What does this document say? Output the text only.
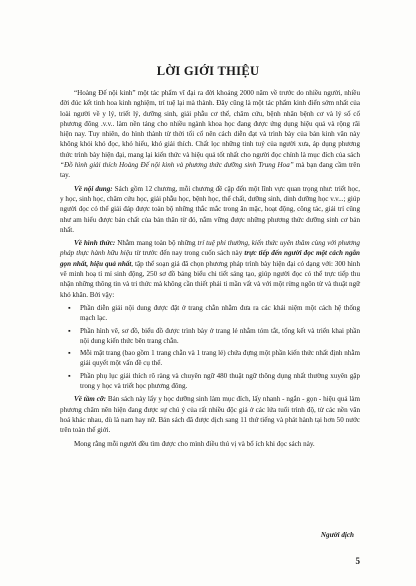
LỜI GIỚI THIỆU

“Hoàng Đế nội kinh” một tác phẩm vĩ đại ra đời khoảng 2000 năm về trước do nhiều người, nhiều đời đúc kết tinh hoa kinh nghiệm, trí tuệ lại mà thành. Đây cũng là một tác phẩm kinh điển sớm nhất của loài người về y lý, triết lý, dưỡng sinh, giải phẫu cơ thể, châm cứu, bệnh nhân bệnh cơ và lý số cổ phương đông .v.v.. làm nền tảng cho nhiều ngành khoa học đang được ứng dụng hiệu quả và rộng rãi hiện nay. Tuy nhiên, do hình thành từ thời tối cổ nên cách diễn đạt và trình bày của bản kinh văn này không khỏi khó đọc, khó hiểu, khó giải thích. Chất lọc những tinh tuý của người xưa, áp dụng phương thức trình bày hiện đại, mang lại kiến thức và hiệu quả tốt nhất cho người đọc chính là mục đích của sách “Đồ hình giải thích Hoàng Đế nội kinh và phương thức dưỡng sinh Trung Hoa” mà bạn đang cầm trên tay.

Về nội dung: Sách gồm 12 chương, mỗi chương đề cập đến một lĩnh vực quan trọng như: triết học, y học, sinh học, châm cứu học, giải phẫu học, bệnh học, thể chất, dưỡng sinh, dinh dưỡng học v.v...; giúp người đọc có thể giải đáp được toàn bộ những thắc mắc trong ăn mặc, hoạt động, công tác, giải trí cũng như am hiểu được bản chất của bản thân từ đó, nắm vững được những phương thức dưỡng sinh cơ bản nhất.

Về hình thức: Nhằm mang toàn bộ những trí tuệ phi thường, kiến thức uyên thâm cùng với phương pháp thực hành hữu hiệu từ trước đến nay trong cuốn sách này trực tiếp đến người đọc một cách ngắn gọn nhất, hiệu quả nhất, tập thể soạn giả đã chọn phương pháp trình bày hiện đại có dạng với: 300 hình vẽ minh hoạ tỉ mỉ sinh động, 250 sơ đồ bảng biểu chi tiết sáng tạo, giúp người đọc có thể trực tiếp thu nhận những thông tin và tri thức mà không cần thiết phải ti mần vất và với một rừng ngôn từ và thuật ngữ khó khăn. Bởi vậy:

▪ Phần diễn giải nội dung được đặt ở trang chẵn nhằm đưa ra các khái niệm một cách hệ thống mạch lạc.
▪ Phần hình vẽ, sơ đồ, biểu đồ được trình bày ở trang lẻ nhằm tóm tắt, tổng kết và triển khai phần nội dung kiến thức bên trang chẵn.
▪ Mỗi mặt trang (bao gồm 1 trang chẵn và 1 trang lẻ) chứa đựng một phần kiến thức nhất định nhằm giải quyết một vấn đề cụ thể.
▪ Phần phụ lục giải thích rõ ràng và chuyên ngữ 480 thuật ngữ thông dụng nhất thường xuyên gặp trong y học và triết học phương đông.

Về tầm cỡ: Bản sách này lấy y học dưỡng sinh làm mục đích, lấy nhanh - ngắn - gọn - hiệu quả làm phương châm nên hiện đang được sự chú ý của rất nhiều độc giả ở các lứa tuổi trình độ, từ các nền văn hoá khác nhau, dù là nam hay nữ. Bản sách đã được dịch sang 11 thứ tiếng và phát hành tại hơn 50 nước trên toàn thế giới.

Mong rằng mỗi người đều tìm được cho mình điều thú vị và bổ ích khi đọc sách này.

Người dịch
5
